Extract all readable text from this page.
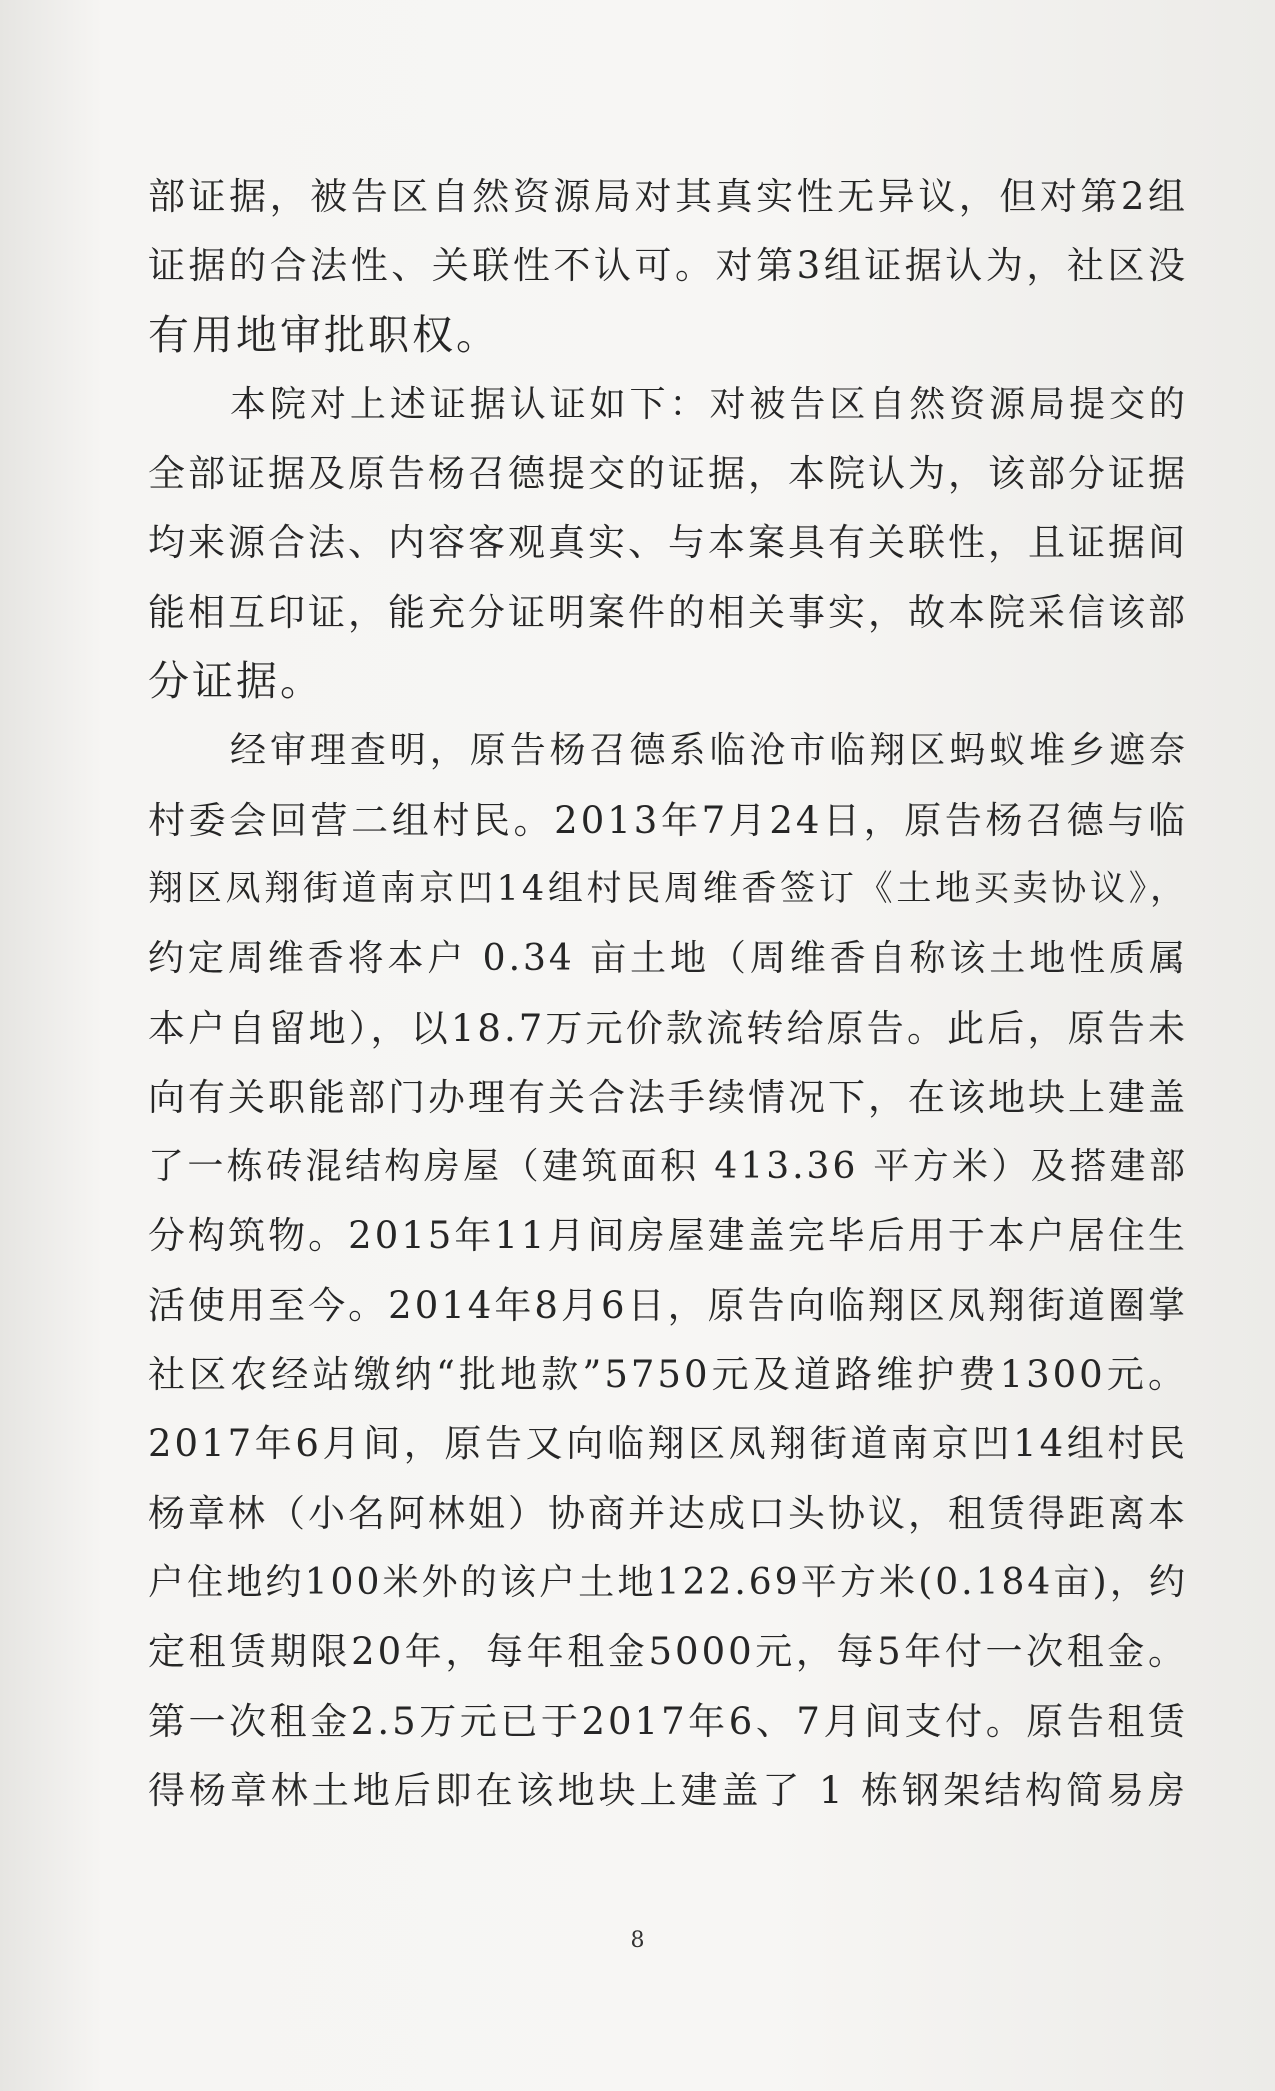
部证据，被告区自然资源局对其真实性无异议，但对第2组
证据的合法性、关联性不认可。对第3组证据认为，社区没
有用地审批职权。
本院对上述证据认证如下：对被告区自然资源局提交的
全部证据及原告杨召德提交的证据，本院认为，该部分证据
均来源合法、内容客观真实、与本案具有关联性，且证据间
能相互印证，能充分证明案件的相关事实，故本院采信该部
分证据。
经审理查明，原告杨召德系临沧市临翔区蚂蚁堆乡遮奈
村委会回营二组村民。2013年7月24日，原告杨召德与临
翔区凤翔街道南京凹14组村民周维香签订《土地买卖协议》，
约定周维香将本户 0.34 亩土地（周维香自称该土地性质属
本户自留地），以18.7万元价款流转给原告。此后，原告未
向有关职能部门办理有关合法手续情况下，在该地块上建盖
了一栋砖混结构房屋（建筑面积 413.36 平方米）及搭建部
分构筑物。2015年11月间房屋建盖完毕后用于本户居住生
活使用至今。2014年8月6日，原告向临翔区凤翔街道圈掌
社区农经站缴纳“批地款”5750元及道路维护费1300元。
2017年6月间，原告又向临翔区凤翔街道南京凹14组村民
杨章林（小名阿林姐）协商并达成口头协议，租赁得距离本
户住地约100米外的该户土地122.69平方米(0.184亩)，约
定租赁期限20年，每年租金5000元，每5年付一次租金。
第一次租金2.5万元已于2017年6、7月间支付。原告租赁
得杨章林土地后即在该地块上建盖了 1 栋钢架结构简易房
8
